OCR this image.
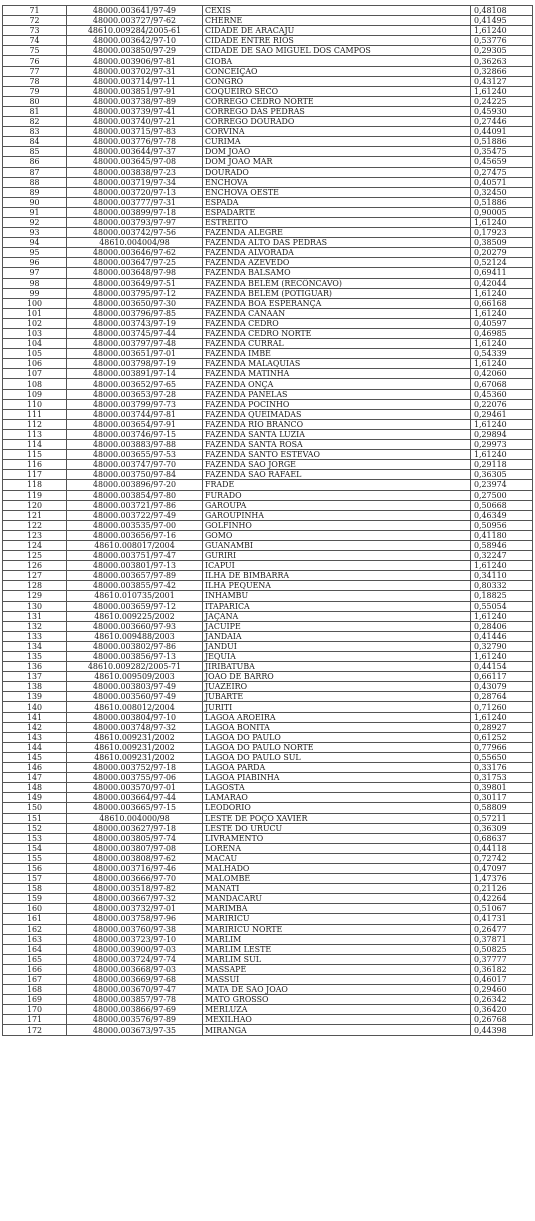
71	48000.003641/97-49	CEXIS	0,48108
72	48000.003727/97-62	CHERNE	0,41495
73	48610.009284/2005-61	CIDADE DE ARACAJU	1,61240
74	48000.003642/97-10	CIDADE ENTRE RIOS	0,53776
75	48000.003850/97-29	CIDADE DE SÃO MIGUEL DOS CAMPOS	0,29305
76	48000.003906/97-81	CIOBA	0,36263
77	48000.003702/97-31	CONCEIÇÃO	0,32866
78	48000.003714/97-11	CONGRO	0,43127
79	48000.003851/97-91	COQUEIRO SECO	1,61240
80	48000.003738/97-89	CÓRREGO CEDRO NORTE	0,24225
81	48000.003739/97-41	CÓRREGO DAS PEDRAS	0,45930
82	48000.003740/97-21	CÓRREGO DOURADO	0,27446
83	48000.003715/97-83	CORVINA	0,44091
84	48000.003776/97-78	CURIMÃ	0,51886
85	48000.003644/97-37	DOM JOÃO	0,35475
86	48000.003645/97-08	DOM JOÃO MAR	0,45659
87	48000.003838/97-23	DOURADO	0,27475
88	48000.003719/97-34	ENCHOVA	0,40571
89	48000.003720/97-13	ENCHOVA OESTE	0,32450
90	48000.003777/97-31	ESPADA	0,51886
91	48000.003899/97-18	ESPADARTE	0,90005
92	48000.003793/97-97	ESTREITO	1,61240
93	48000.003742/97-56	FAZENDA ALEGRE	0,17923
94	48610.004004/98	FAZENDA ALTO DAS PEDRAS	0,38509
95	48000.003646/97-62	FAZENDA ALVORADA	0,20279
96	48000.003647/97-25	FAZENDA AZEVEDO	0,52124
97	48000.003648/97-98	FAZENDA BÁLSAMO	0,69411
98	48000.003649/97-51	FAZENDA BELÉM (RECÔNCAVO)	0,42044
99	48000.003795/97-12	FAZENDA BELÉM (POTIGUAR)	1,61240
100	48000.003650/97-30	FAZENDA BOA ESPERANÇA	0,66168
101	48000.003796/97-85	FAZENDA CANAAN	1,61240
102	48000.003743/97-19	FAZENDA CEDRO	0,40597
103	48000.003745/97-44	FAZENDA CEDRO NORTE	0,46985
104	48000.003797/97-48	FAZENDA CURRAL	1,61240
105	48000.003651/97-01	FAZENDA IMBÉ	0,54339
106	48000.003798/97-19	FAZENDA MALAQUIAS	1,61240
107	48000.003891/97-14	FAZENDA MATINHA	0,42060
108	48000.003652/97-65	FAZENDA ONÇA	0,67068
109	48000.003653/97-28	FAZENDA PANELAS	0,45360
110	48000.003799/97-73	FAZENDA POCINHO	0,22076
111	48000.003744/97-81	FAZENDA QUEIMADAS	0,29461
112	48000.003654/97-91	FAZENDA RIO BRANCO	1,61240
113	48000.003746/97-15	FAZENDA SANTA LUZIA	0,29894
114	48000.003883/97-88	FAZENDA SANTA ROSA	0,29973
115	48000.003655/97-53	FAZENDA SANTO ESTEVÃO	1,61240
116	48000.003747/97-70	FAZENDA SÃO JORGE	0,29118
117	48000.003750/97-84	FAZENDA SÃO RAFAEL	0,36305
118	48000.003896/97-20	FRADE	0,23974
119	48000.003854/97-80	FURADO	0,27500
120	48000.003721/97-86	GAROUPA	0,50668
121	48000.003722/97-49	GAROUPINHA	0,46349
122	48000.003535/97-00	GOLFINHO	0,50956
123	48000.003656/97-16	GOMO	0,41180
124	48610.008017/2004	GUANAMBI	0,58946
125	48000.003751/97-47	GURIRI	0,32247
126	48000.003801/97-13	ICAPUÍ	1,61240
127	48000.003657/97-89	ILHA DE BIMBARRA	0,34110
128	48000.003855/97-42	ILHA PEQUENA	0,80332
129	48610.010735/2001	INHAMBU	0,18825
130	48000.003659/97-12	ITAPARICA	0,55054
131	48610.009225/2002	JAÇANÃ	1,61240
132	48000.003660/97-93	JACUÍPE	0,28406
133	48610.009488/2003	JANDAIA	0,41446
134	48000.003802/97-86	JANDUÍ	0,32790
135	48000.003856/97-13	JEQUIÁ	1,61240
136	48610.009282/2005-71	JIRIBATUBA	0,44154
137	48610.009509/2003	JOÃO DE BARRO	0,66117
138	48000.003803/97-49	JUAZEIRO	0,43079
139	48000.003560/97-49	JUBARTE	0,28764
140	48610.008012/2004	JURITI	0,71260
141	48000.003804/97-10	LAGOA AROEIRA	1,61240
142	48000.003748/97-32	LAGOA BONITA	0,28927
143	48610.009231/2002	LAGOA DO PAULO	0,61252
144	48610.009231/2002	LAGOA DO PAULO NORTE	0,77966
145	48610.009231/2002	LAGOA DO PAULO SUL	0,55650
146	48000.003752/97-18	LAGOA PARDA	0,33176
147	48000.003755/97-06	LAGOA PIABINHA	0,31753
148	48000.003570/97-01	LAGOSTA	0,39801
149	48000.003664/97-44	LAMARÃO	0,30117
150	48000.003665/97-15	LEODÓRIO	0,58809
151	48610.004000/98	LESTE DE POÇO XAVIER	0,57211
152	48000.003627/97-18	LESTE DO URUCU	0,36309
153	48000.003805/97-74	LIVRAMENTO	0,68637
154	48000.003807/97-08	LORENA	0,44118
155	48000.003808/97-62	MACAU	0,72742
156	48000.003716/97-46	MALHADO	0,47097
157	48000.003666/97-70	MALOMBÊ	1,47376
158	48000.003518/97-82	MANATI	0,21126
159	48000.003667/97-32	MANDACARU	0,42264
160	48000.003732/97-01	MARIMBÁ	0,51067
161	48000.003758/97-96	MARIRICU	0,41731
162	48000.003760/97-38	MARIRICU NORTE	0,26477
163	48000.003723/97-10	MARLIM	0,37871
164	48000.003900/97-03	MARLIM LESTE	0,50825
165	48000.003724/97-74	MARLIM SUL	0,37777
166	48000.003668/97-03	MASSAPÊ	0,36182
167	48000.003669/97-68	MASSUÍ	0,46017
168	48000.003670/97-47	MATA DE SÃO JOÃO	0,29460
169	48000.003857/97-78	MATO GROSSO	0,26342
170	48000.003866/97-69	MERLUZA	0,36420
171	48000.003576/97-89	MEXILHÃO	0,26768
172	48000.003673/97-35	MIRANGA	0,44398
